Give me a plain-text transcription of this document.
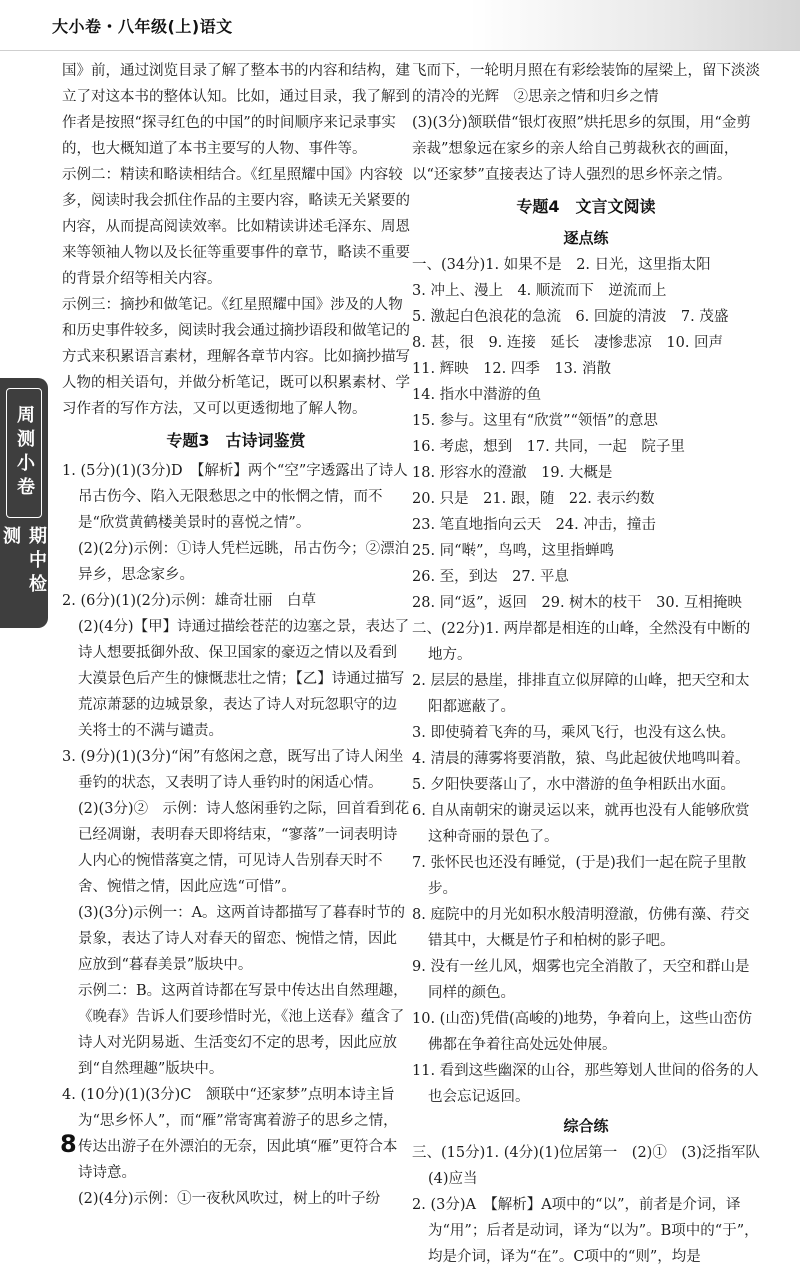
大小卷・八年级(上)语文
周测小卷
期中检测

国》前，通过浏览目录了解了整本书的内容和结构，建立了对这本书的整体认知。比如，通过目录，我了解到作者是按照“探寻红色的中国”的时间顺序来记录事实的，也大概知道了本书主要写的人物、事件等。

示例二：精读和略读相结合。《红星照耀中国》内容较多，阅读时我会抓住作品的主要内容，略读无关紧要的内容，从而提高阅读效率。比如精读讲述毛泽东、周恩来等领袖人物以及长征等重要事件的章节，略读不重要的背景介绍等相关内容。

示例三：摘抄和做笔记。《红星照耀中国》涉及的人物和历史事件较多，阅读时我会通过摘抄语段和做笔记的方式来积累语言素材，理解各章节内容。比如摘抄描写人物的相关语句，并做分析笔记，既可以积累素材、学习作者的写作方法，又可以更透彻地了解人物。

专题3　古诗词鉴赏

1. (5分)(1)(3分)D　【解析】两个“空”字透露出了诗人吊古伤今、陷入无限愁思之中的怅惘之情，而不是“欣赏黄鹤楼美景时的喜悦之情”。

(2)(2分)示例：①诗人凭栏远眺，吊古伤今；②漂泊异乡，思念家乡。

2. (6分)(1)(2分)示例：雄奇壮丽　白草

(2)(4分)【甲】诗通过描绘苍茫的边塞之景，表达了诗人想要抵御外敌、保卫国家的豪迈之情以及看到大漠景色后产生的慷慨悲壮之情；【乙】诗通过描写荒凉萧瑟的边城景象，表达了诗人对玩忽职守的边关将士的不满与谴责。

3. (9分)(1)(3分)“闲”有悠闲之意，既写出了诗人闲坐垂钓的状态，又表明了诗人垂钓时的闲适心情。

(2)(3分)②　示例：诗人悠闲垂钓之际，回首看到花已经凋谢，表明春天即将结束，“寥落”一词表明诗人内心的惋惜落寞之情，可见诗人告别春天时不舍、惋惜之情，因此应选“可惜”。

(3)(3分)示例一：A。这两首诗都描写了暮春时节的景象，表达了诗人对春天的留恋、惋惜之情，因此应放到“暮春美景”版块中。

示例二：B。这两首诗都在写景中传达出自然理趣，《晚春》告诉人们要珍惜时光，《池上送春》蕴含了诗人对光阴易逝、生活变幻不定的思考，因此应放到“自然理趣”版块中。

4. (10分)(1)(3分)C　颔联中“还家梦”点明本诗主旨为“思乡怀人”，而“雁”常寄寓着游子的思乡之情，传达出游子在外漂泊的无奈，因此填“雁”更符合本诗诗意。

(2)(4分)示例：①一夜秋风吹过，树上的叶子纷

飞而下，一轮明月照在有彩绘装饰的屋梁上，留下淡淡的清冷的光辉　②思亲之情和归乡之情

(3)(3分)颔联借“银灯夜照”烘托思乡的氛围，用“金剪亲裁”想象远在家乡的亲人给自己剪裁秋衣的画面，以“还家梦”直接表达了诗人强烈的思乡怀亲之情。

专题4　文言文阅读
逐点练

一、(34分)1. 如果不是　2. 日光，这里指太阳

3. 冲上、漫上　4. 顺流而下　逆流而上

5. 激起白色浪花的急流　6. 回旋的清波　7. 茂盛

8. 甚，很　9. 连接　延长　凄惨悲凉　10. 回声

11. 辉映　12. 四季　13. 消散

14. 指水中潜游的鱼

15. 参与。这里有“欣赏”“领悟”的意思

16. 考虑，想到　17. 共同，一起　院子里

18. 形容水的澄澈　19. 大概是

20. 只是　21. 跟，随　22. 表示约数

23. 笔直地指向云天　24. 冲击，撞击

25. 同“啭”，鸟鸣，这里指蝉鸣

26. 至，到达　27. 平息

28. 同“返”，返回　29. 树木的枝干　30. 互相掩映

二、(22分)1. 两岸都是相连的山峰，全然没有中断的地方。

2. 层层的悬崖，排排直立似屏障的山峰，把天空和太阳都遮蔽了。

3. 即使骑着飞奔的马，乘风飞行，也没有这么快。

4. 清晨的薄雾将要消散，猿、鸟此起彼伏地鸣叫着。

5. 夕阳快要落山了，水中潜游的鱼争相跃出水面。

6. 自从南朝宋的谢灵运以来，就再也没有人能够欣赏这种奇丽的景色了。

7. 张怀民也还没有睡觉，(于是)我们一起在院子里散步。

8. 庭院中的月光如积水般清明澄澈，仿佛有藻、荇交错其中，大概是竹子和柏树的影子吧。

9. 没有一丝儿风，烟雾也完全消散了，天空和群山是同样的颜色。

10. (山峦)凭借(高峻的)地势，争着向上，这些山峦仿佛都在争着往高处远处伸展。

11. 看到这些幽深的山谷，那些筹划人世间的俗务的人也会忘记返回。

综合练

三、(15分)1. (4分)(1)位居第一　(2)①　(3)泛指军队　(4)应当

2. (3分)A　【解析】A项中的“以”，前者是介词，译为“用”；后者是动词，译为“以为”。B项中的“于”，均是介词，译为“在”。C项中的“则”，均是

8
